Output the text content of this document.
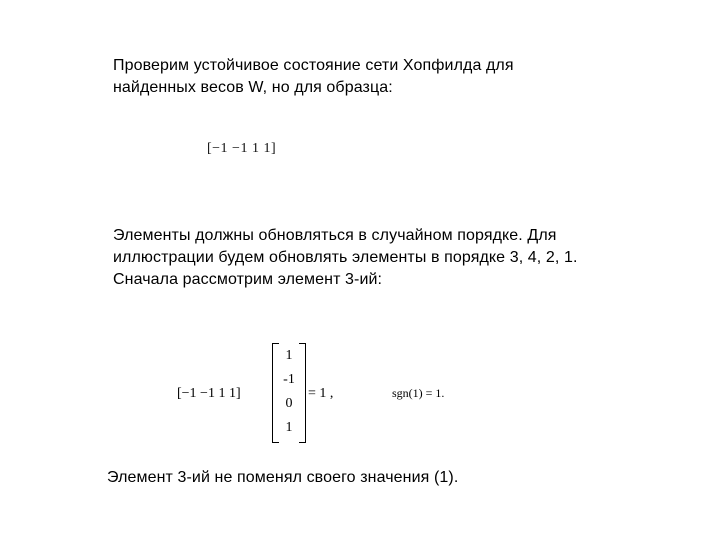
Проверим устойчивое состояние сети Хопфилда для
найденных весов W, но для образца:
[−1 −1 1 1]
Элементы должны обновляться в случайном порядке. Для
иллюстрации будем обновлять элементы в порядке 3, 4, 2, 1.
Сначала рассмотрим элемент 3-ий:
[−1 −1 1 1]
1
-1
0
1
= 1 ,	sgn(1) = 1.
Элемент 3-ий не поменял своего значения (1).
